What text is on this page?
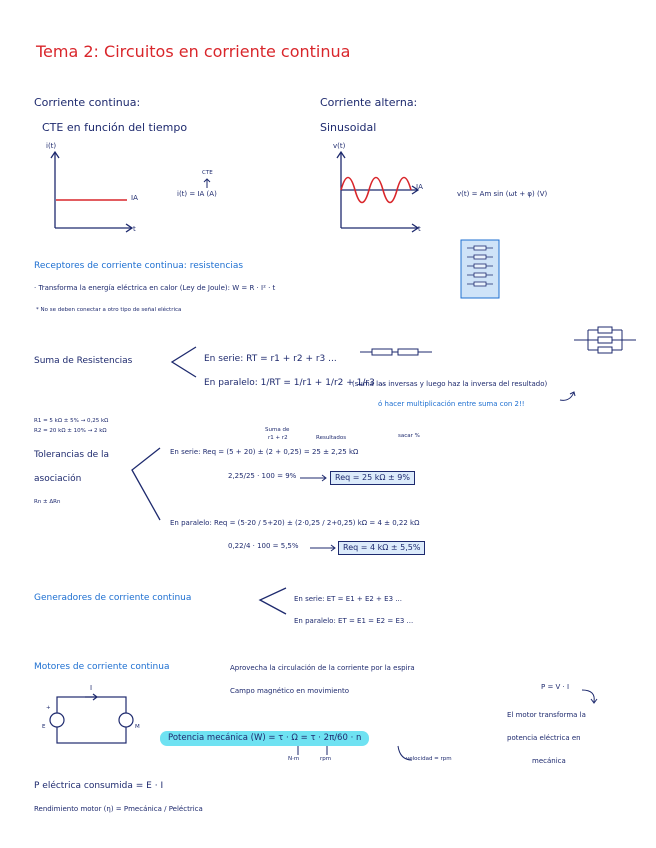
Tema 2: Circuitos en corriente continua
Corriente continua:
CTE en función del tiempo
i(t)
IA
t
CTE
i(t) = IA (A)
Corriente alterna:
Sinusoidal
v(t)
IA
t
v(t) = Am sin (ωt + φ) (V)
Receptores de corriente continua: resistencias
· Transforma la energía eléctrica en calor (Ley de Joule): W = R · I² · t
* No se deben conectar a otro tipo de señal eléctrica
Suma de Resistencias	En serie: RT = r1 + r2 + r3 ...
En paralelo: 1/RT = 1/r1 + 1/r2 + 1/r3 ...
(suma las inversas y luego haz la inversa del resultado)
ó hacer multiplicación entre suma con 2!!
R1 = 5 kΩ ± 5% → 0,25 kΩ
R2 = 20 kΩ ± 10% → 2 kΩ
Tolerancias de la
asociación
Rn ± ΔRn
Suma de
r1 + r2	Resultados	sacar %
En serie: Req = (5 + 20) ± (2 + 0,25) = 25 ± 2,25 kΩ
2,25/25 · 100 = 9%	Req = 25 kΩ ± 9%
En paralelo: Req = (5·20 / 5+20) ± (2·0,25 / 2+0,25) kΩ = 4 ± 0,22 kΩ
0,22/4 · 100 = 5,5%	Req = 4 kΩ ± 5,5%
Generadores de corriente continua	En serie: ET = E1 + E2 + E3 ...
En paralelo: ET = E1 = E2 = E3 ...
Motores de corriente continua	Aprovecha la circulación de la corriente por la espira
Campo magnético en movimiento	P = V · I
El motor transforma la
potencia eléctrica en
mecánica
I
+
E	M
Potencia mecánica (W) = τ · Ω = τ · 2π/60 · n
N·m	rpm	velocidad = rpm
P eléctrica consumida = E · I
Rendimiento motor (η) = Pmecánica / Peléctrica
